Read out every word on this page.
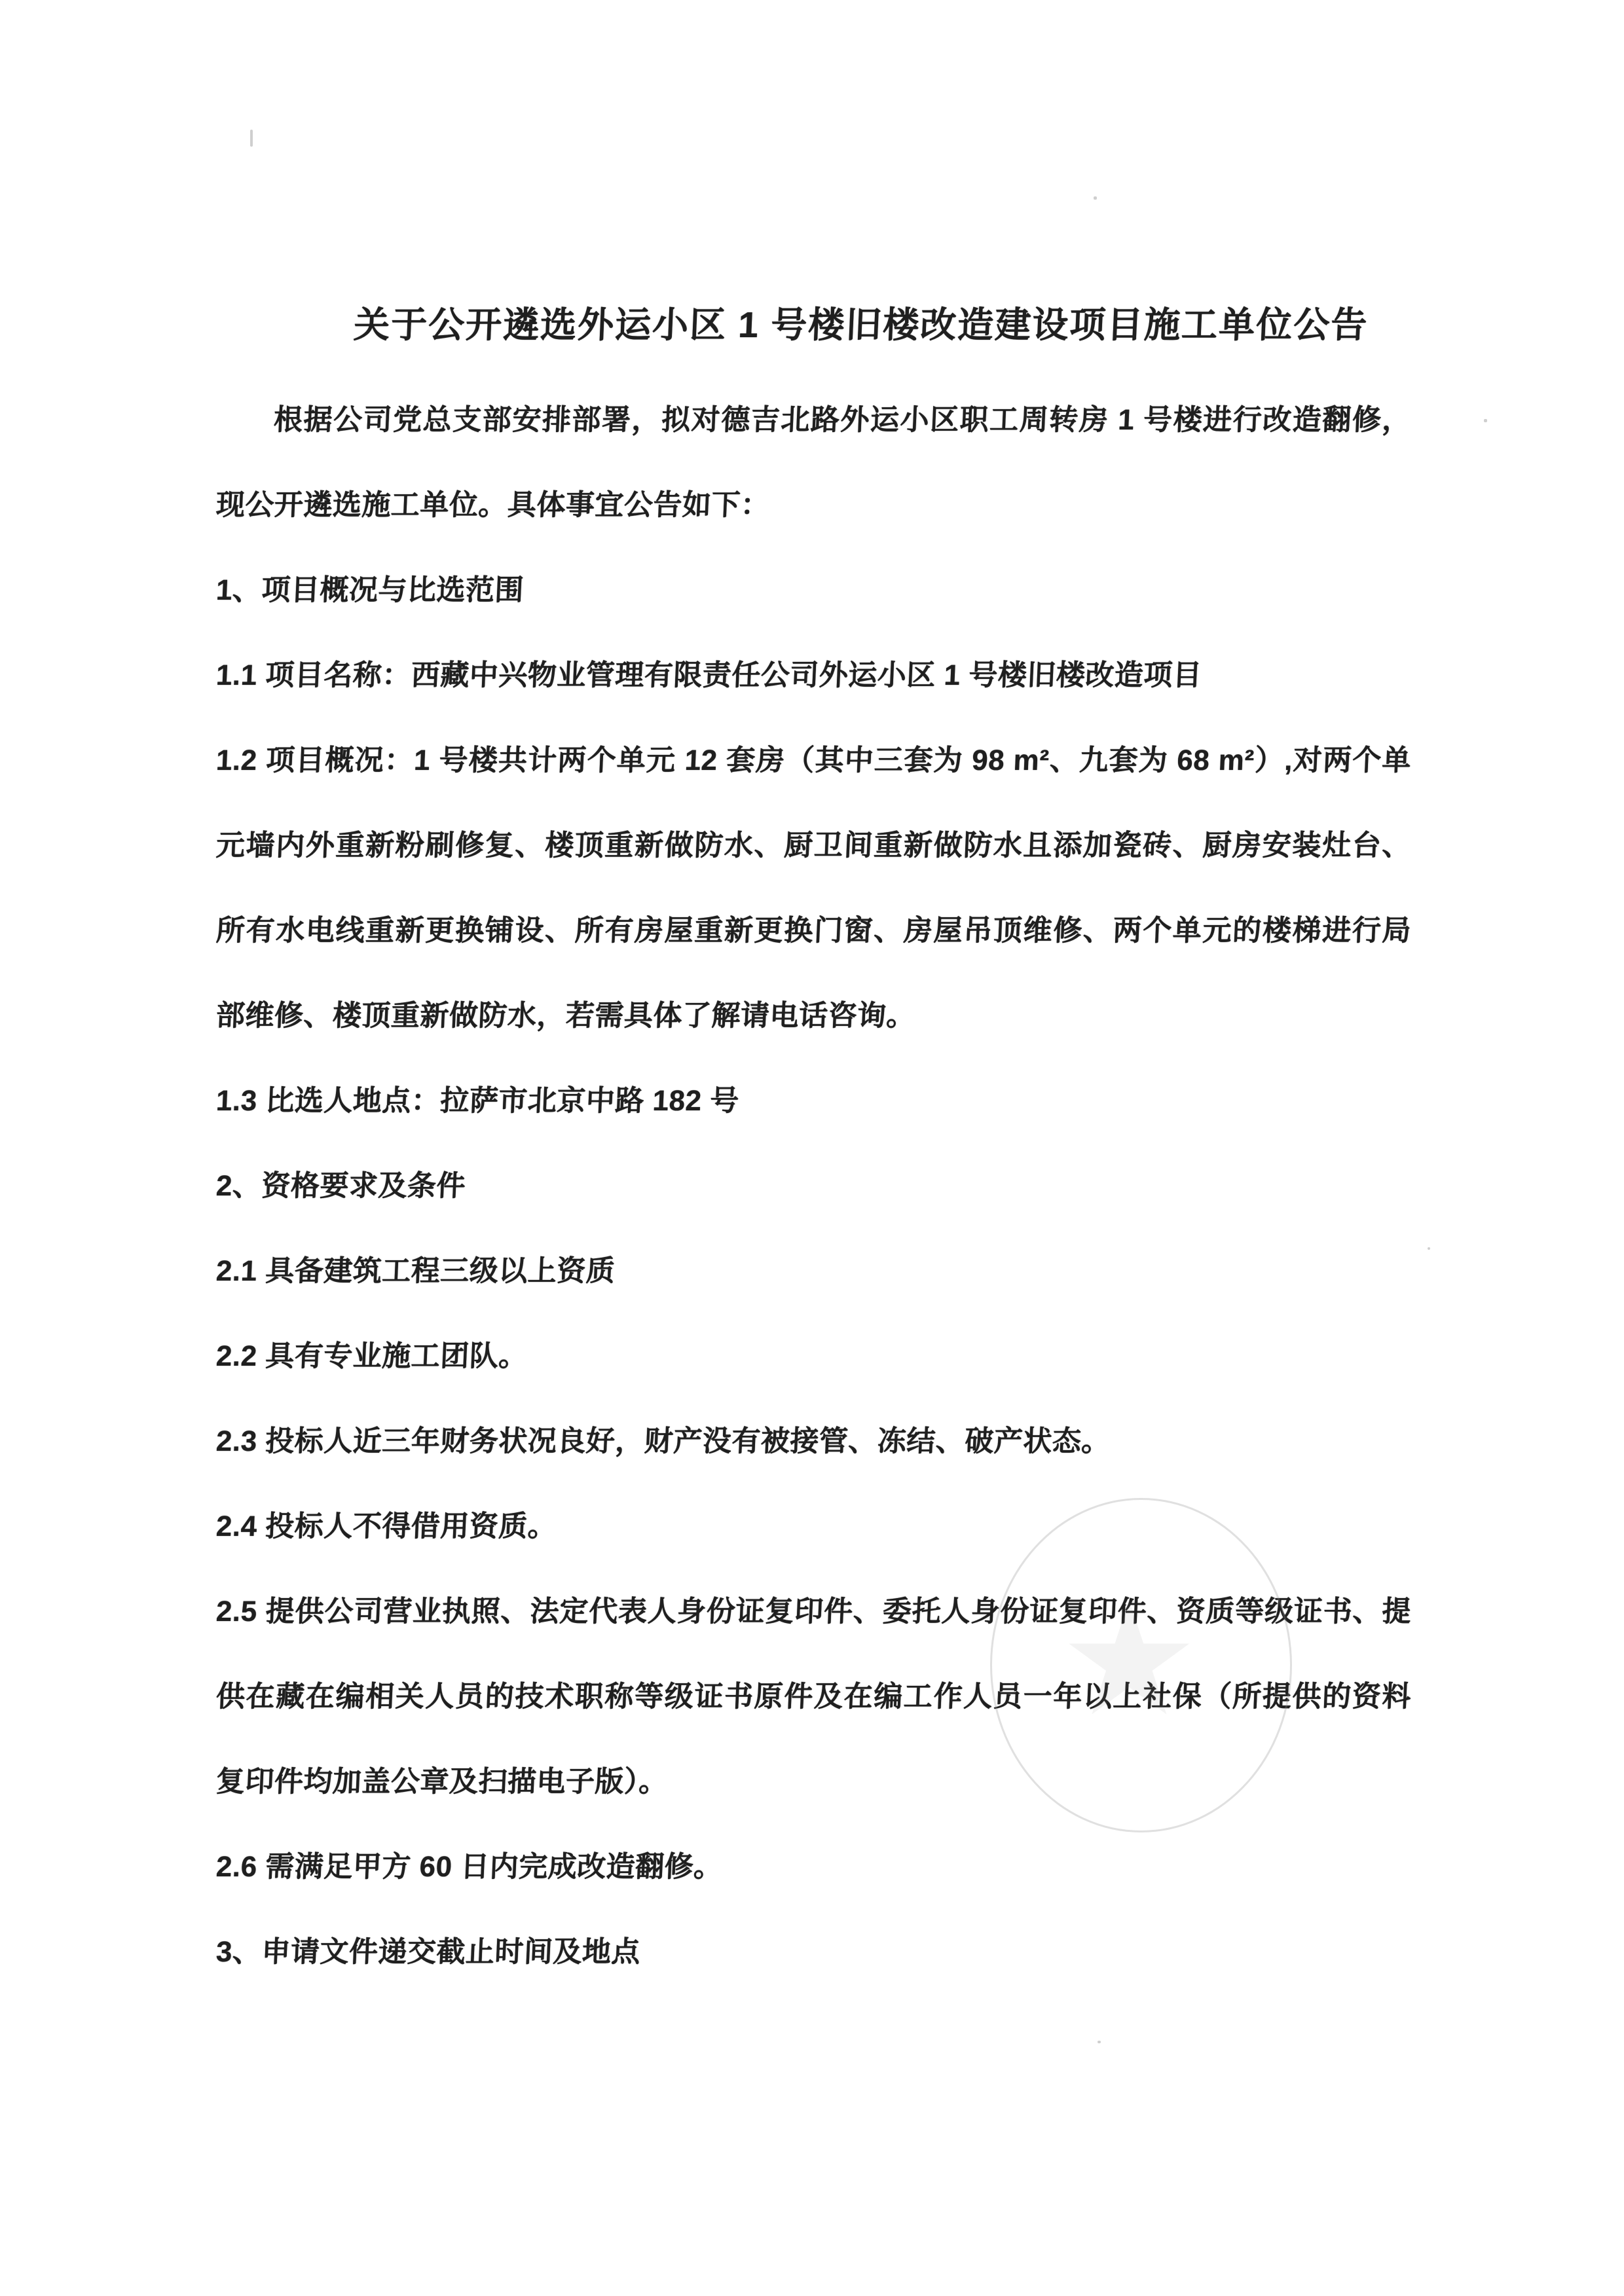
关于公开遴选外运小区 1 号楼旧楼改造建设项目施工单位公告
根据公司党总支部安排部署，拟对德吉北路外运小区职工周转房 1 号楼进行改造翻修，
现公开遴选施工单位。具体事宜公告如下：
1、项目概况与比选范围
1.1 项目名称：西藏中兴物业管理有限责任公司外运小区 1 号楼旧楼改造项目
1.2 项目概况：1 号楼共计两个单元 12 套房（其中三套为 98 m²、九套为 68 m²）,对两个单
元墙内外重新粉刷修复、楼顶重新做防水、厨卫间重新做防水且添加瓷砖、厨房安装灶台、
所有水电线重新更换铺设、所有房屋重新更换门窗、房屋吊顶维修、两个单元的楼梯进行局
部维修、楼顶重新做防水，若需具体了解请电话咨询。
1.3 比选人地点：拉萨市北京中路 182 号
2、资格要求及条件
2.1 具备建筑工程三级以上资质
2.2 具有专业施工团队。
2.3 投标人近三年财务状况良好，财产没有被接管、冻结、破产状态。
2.4 投标人不得借用资质。
2.5 提供公司营业执照、法定代表人身份证复印件、委托人身份证复印件、资质等级证书、提
供在藏在编相关人员的技术职称等级证书原件及在编工作人员一年以上社保（所提供的资料
复印件均加盖公章及扫描电子版）。
2.6 需满足甲方 60 日内完成改造翻修。
3、申请文件递交截止时间及地点
★
